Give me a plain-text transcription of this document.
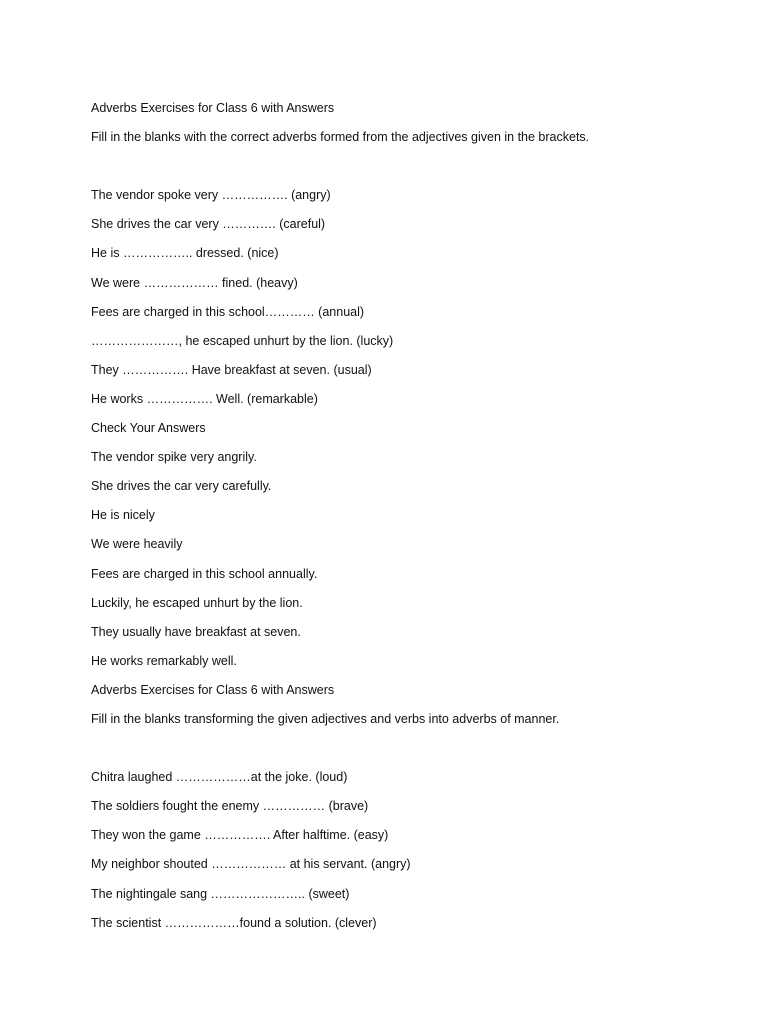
Adverbs Exercises for Class 6 with Answers
Fill in the blanks with the correct adverbs formed from the adjectives given in the brackets.
The vendor spoke very ……………. (angry)
She drives the car very …………. (careful)
He is …………….. dressed. (nice)
We were ……………… fined. (heavy)
Fees are charged in this school………… (annual)
…………………, he escaped unhurt by the lion. (lucky)
They ……………. Have breakfast at seven. (usual)
He works ……………. Well. (remarkable)
Check Your Answers
The vendor spike very angrily.
She drives the car very carefully.
He is nicely
We were heavily
Fees are charged in this school annually.
Luckily, he escaped unhurt by the lion.
They usually have breakfast at seven.
He works remarkably well.
Adverbs Exercises for Class 6 with Answers
Fill in the blanks transforming the given adjectives and verbs into adverbs of manner.
Chitra laughed ………………at the joke. (loud)
The soldiers fought the enemy …………… (brave)
They won the game ……………. After halftime. (easy)
My neighbor shouted ……………… at his servant. (angry)
The nightingale sang ………………….. (sweet)
The scientist ………………found a solution. (clever)
